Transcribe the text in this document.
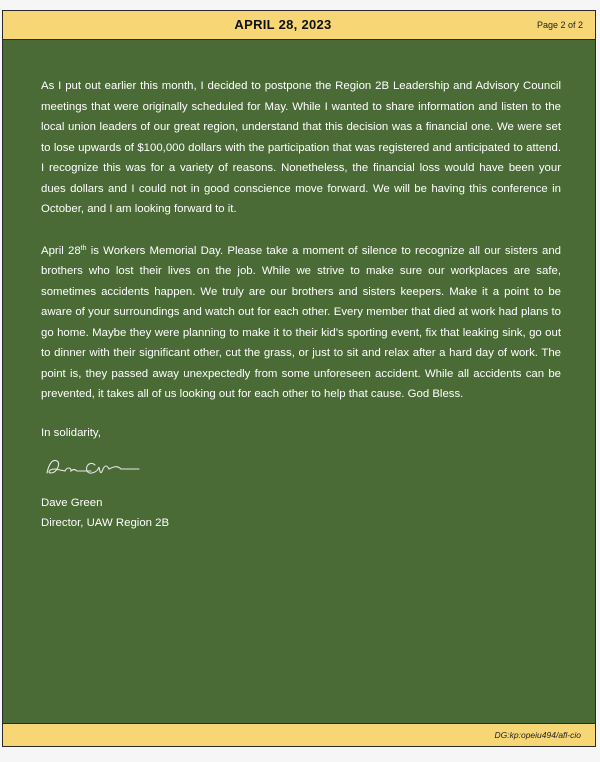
APRIL 28, 2023	Page 2 of 2

As I put out earlier this month, I decided to postpone the Region 2B Leadership and Advisory Council meetings that were originally scheduled for May. While I wanted to share information and listen to the local union leaders of our great region, understand that this decision was a financial one. We were set to lose upwards of $100,000 dollars with the participation that was registered and anticipated to attend. I recognize this was for a variety of reasons. Nonetheless, the financial loss would have been your dues dollars and I could not in good conscience move forward. We will be having this conference in October, and I am looking forward to it.

April 28th is Workers Memorial Day. Please take a moment of silence to recognize all our sisters and brothers who lost their lives on the job. While we strive to make sure our workplaces are safe, sometimes accidents happen. We truly are our brothers and sisters keepers. Make it a point to be aware of your surroundings and watch out for each other. Every member that died at work had plans to go home. Maybe they were planning to make it to their kid’s sporting event, fix that leaking sink, go out to dinner with their significant other, cut the grass, or just to sit and relax after a hard day of work. The point is, they passed away unexpectedly from some unforeseen accident. While all accidents can be prevented, it takes all of us looking out for each other to help that cause. God Bless.

In solidarity,
Dave Green
Director, UAW Region 2B
DG:kp:opeiu494/afl-cio
